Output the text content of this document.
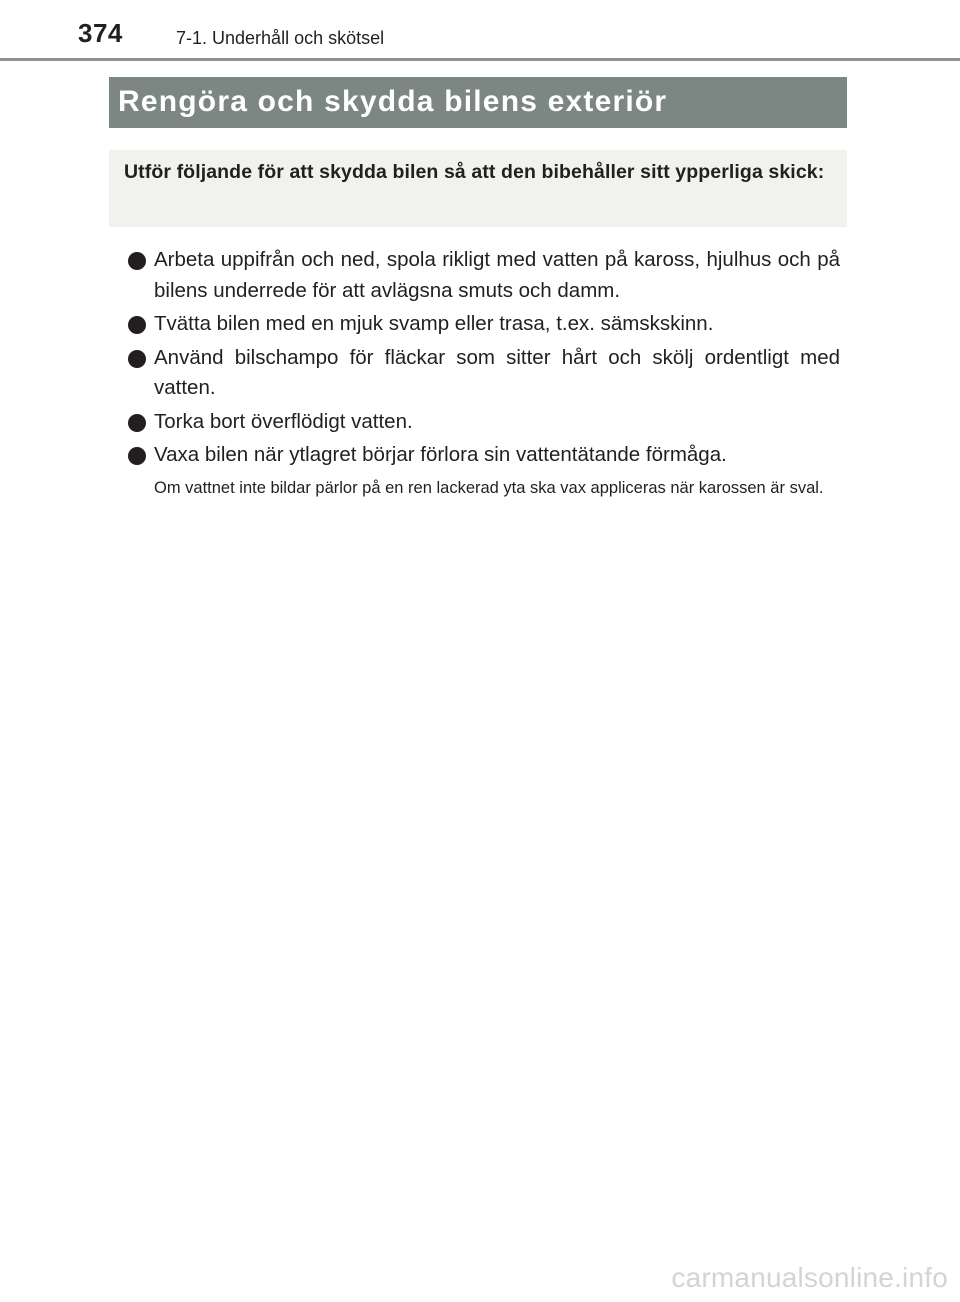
374	7-1. Underhåll och skötsel
Rengöra och skydda bilens exteriör
Utför följande för att skydda bilen så att den bibehåller sitt ypperliga skick:
Arbeta uppifrån och ned, spola rikligt med vatten på kaross, hjulhus och på bilens underrede för att avlägsna smuts och damm.
Tvätta bilen med en mjuk svamp eller trasa, t.ex. sämskskinn.
Använd bilschampo för fläckar som sitter hårt och skölj ordentligt med vatten.
Torka bort överflödigt vatten.
Vaxa bilen när ytlagret börjar förlora sin vattentätande förmåga.
Om vattnet inte bildar pärlor på en ren lackerad yta ska vax appliceras när karossen är sval.
carmanualsonline.info
